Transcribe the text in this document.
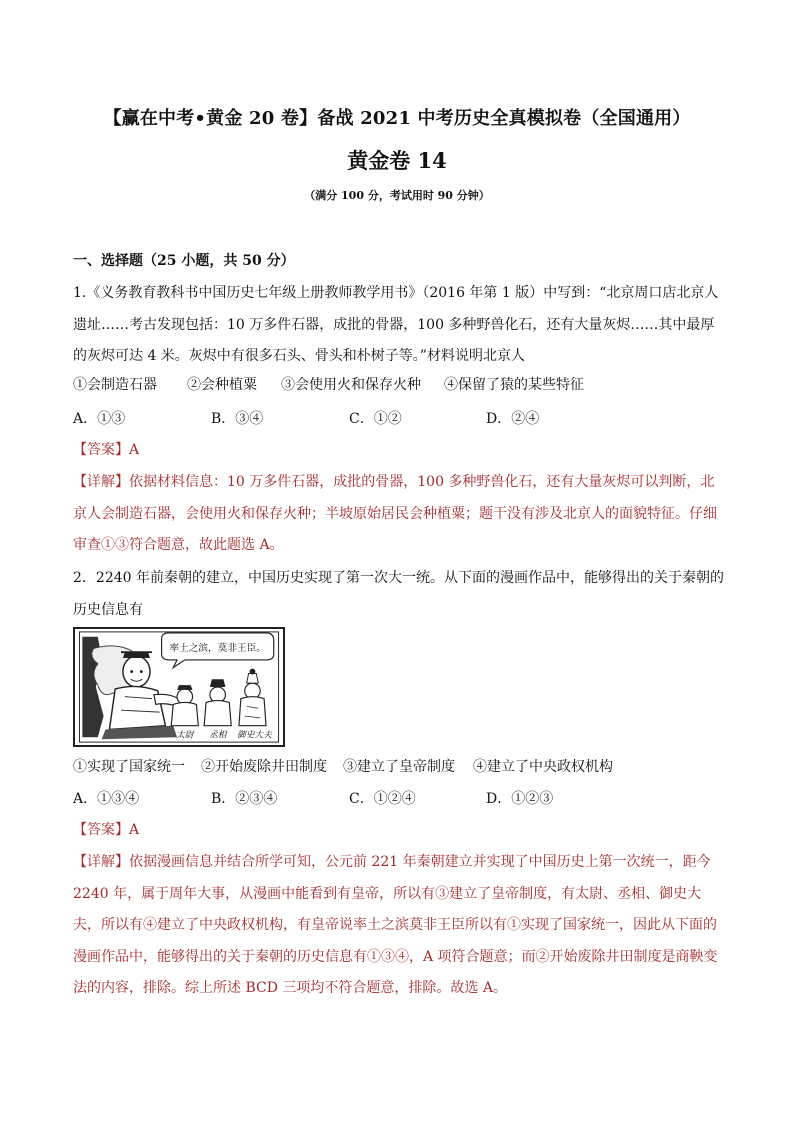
【赢在中考•黄金 20 卷】备战 2021 中考历史全真模拟卷（全国通用）
黄金卷 14
（满分 100 分，考试用时 90 分钟）
一、选择题（25 小题，共 50 分）
1.《义务教育教科书中国历史七年级上册教师教学用书》（2016 年第 1 版）中写到：“北京周口店北京人遗址……考古发现包括：10 万多件石器，成批的骨器，100 多种野兽化石，还有大量灰烬……其中最厚的灰烬可达 4 米。灰烬中有很多石头、骨头和朴树子等。”材料说明北京人
①会制造石器 ②会种植粟 ③会使用火和保存火种 ④保留了猿的某些特征
A．①③	B．③④	C．①②	D．②④
【答案】A
【详解】依据材料信息：10 万多件石器，成批的骨器，100 多种野兽化石，还有大量灰烬可以判断，北京人会制造石器，会使用火和保存火种；半坡原始居民会种植粟；题干没有涉及北京人的面貌特征。仔细审查①③符合题意，故此题选 A。
2．2240 年前秦朝的建立，中国历史实现了第一次大一统。从下面的漫画作品中，能够得出的关于秦朝的历史信息有
率土之滨，莫非王臣。
太尉 丞相 御史大夫
①实现了国家统一 ②开始废除井田制度 ③建立了皇帝制度 ④建立了中央政权机构
A．①③④	B．②③④	C．①②④	D．①②③
【答案】A
【详解】依据漫画信息并结合所学可知，公元前 221 年秦朝建立并实现了中国历史上第一次统一，距今 2240 年，属于周年大事，从漫画中能看到有皇帝，所以有③建立了皇帝制度，有太尉、丞相、御史大夫，所以有④建立了中央政权机构，有皇帝说率土之滨莫非王臣所以有①实现了国家统一，因此从下面的漫画作品中，能够得出的关于秦朝的历史信息有①③④，A 项符合题意；而②开始废除井田制度是商鞅变法的内容，排除。综上所述 BCD 三项均不符合题意，排除。故选 A。
